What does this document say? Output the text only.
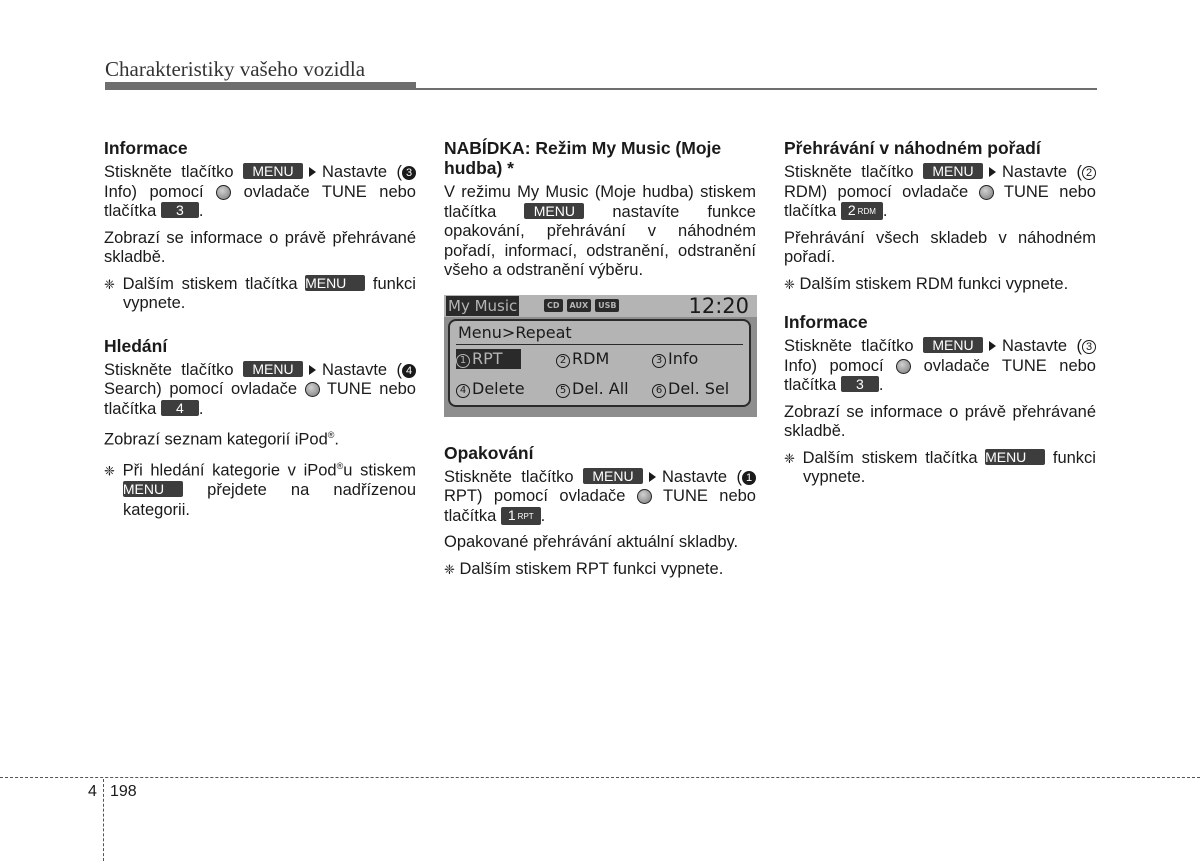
Charakteristiky vašeho vozidla
Informace

Stiskněte tlačítko MENU Nastavte ( 3Info) pomocí ovladače TUNE nebo tlačítka 3 .

Zobrazí se informace o právě přehrávané skladbě.

❈ Dalším stiskem tlačítka MENU funkci vypnete.

Hledání

Stiskněte tlačítko MENU Nastavte ( 4Search) pomocí ovladače TUNE nebo tlačítka 4 .

Zobrazí seznam kategorií iPod®.

❈ Při hledání kategorie v iPod®u stiskem MENU	přejdete na nadřízenou kategorii.

NABÍDKA: Režim My Music (Moje hudba) *

V režimu My Music (Moje hudba) stiskem tlačítka	MENU nastavíte funkce opakování, přehrávání v náhodném pořadí, informací, odstranění, odstranění všeho a odstranění výběru.

My Music	CD	AUX	USB	12:20
Menu>Repeat
1 RPT	2 RDM	3 Info
4 Delete	5 Del. All	6 Del. Sel
Opakování

Stiskněte tlačítko MENU Nastavte ( 1RPT) pomocí ovladače TUNE nebo tlačítka 1 RPT .

Opakované přehrávání aktuální skladby.

❈ Dalším stiskem RPT funkci vypnete.

Přehrávání v náhodném pořadí

Stiskněte tlačítko MENU Nastavte ( 2RDM) pomocí ovladače TUNE nebo tlačítka 2 RDM .

Přehrávání všech skladeb v náhodném pořadí.

❈ Dalším stiskem RDM funkci vypnete.

Informace

Stiskněte tlačítko MENU Nastavte ( 3Info) pomocí ovladače TUNE nebo tlačítka 3 .

Zobrazí se informace o právě přehrávané skladbě.

❈ Dalším stiskem tlačítka MENU funkci vypnete.

4 198
